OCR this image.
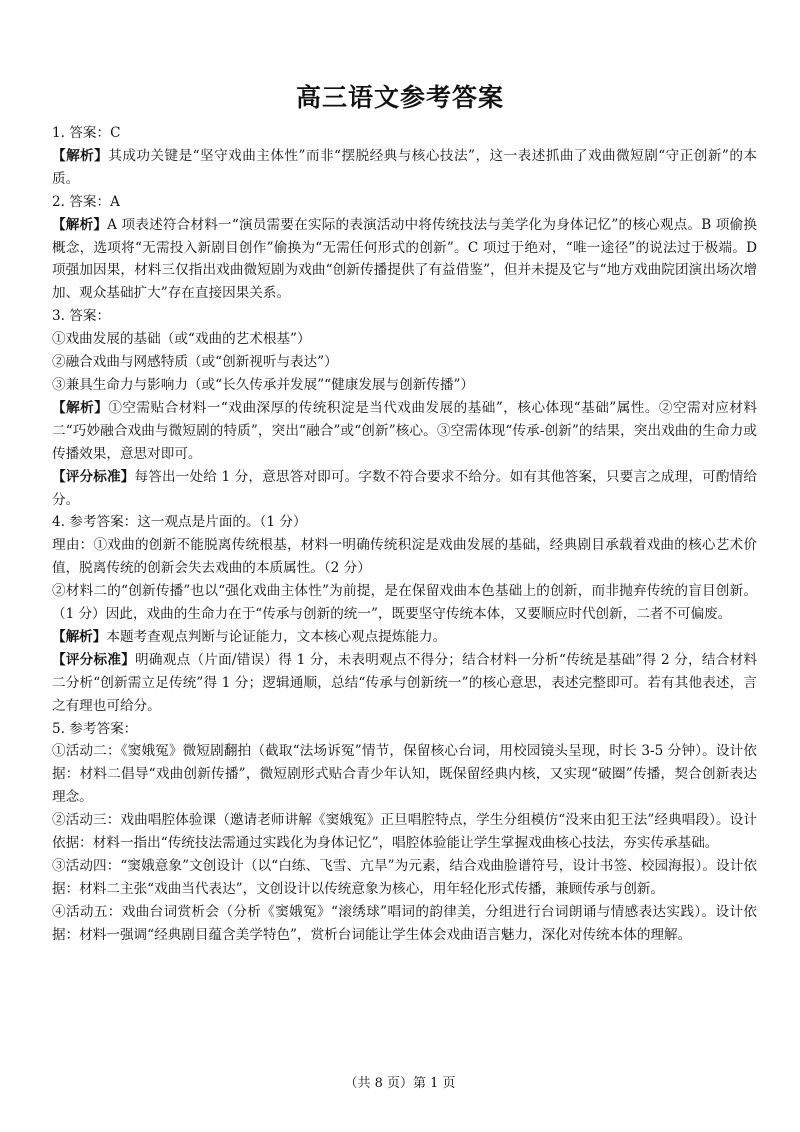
高三语文参考答案

1. 答案：C

【解析】其成功关键是“坚守戏曲主体性”而非“摆脱经典与核心技法”，这一表述抓曲了戏曲微短剧“守正创新”的本质。

2. 答案：A

【解析】A 项表述符合材料一“演员需要在实际的表演活动中将传统技法与美学化为身体记忆”的核心观点。B 项偷换概念，选项将“无需投入新剧目创作”偷换为“无需任何形式的创新”。C 项过于绝对，“唯一途径”的说法过于极端。D 项强加因果，材料三仅指出戏曲微短剧为戏曲“创新传播提供了有益借鉴”，但并未提及它与“地方戏曲院团演出场次增加、观众基础扩大”存在直接因果关系。

3. 答案：

①戏曲发展的基础（或“戏曲的艺术根基”）

②融合戏曲与网感特质（或“创新视听与表达”）

③兼具生命力与影响力（或“长久传承并发展”“健康发展与创新传播”）

【解析】①空需贴合材料一“戏曲深厚的传统积淀是当代戏曲发展的基础”，核心体现“基础”属性。②空需对应材料二“巧妙融合戏曲与微短剧的特质”，突出“融合”或“创新”核心。③空需体现“传承-创新”的结果，突出戏曲的生命力或传播效果，意思对即可。

【评分标准】每答出一处给 1 分，意思答对即可。字数不符合要求不给分。如有其他答案，只要言之成理，可酌情给分。

4. 参考答案：这一观点是片面的。（1 分）

理由：①戏曲的创新不能脱离传统根基，材料一明确传统积淀是戏曲发展的基础，经典剧目承载着戏曲的核心艺术价值，脱离传统的创新会失去戏曲的本质属性。（2 分）

②材料二的“创新传播”也以“强化戏曲主体性”为前提，是在保留戏曲本色基础上的创新，而非抛弃传统的盲目创新。（1 分）因此，戏曲的生命力在于“传承与创新的统一”，既要坚守传统本体，又要顺应时代创新，二者不可偏废。

【解析】本题考查观点判断与论证能力，文本核心观点提炼能力。

【评分标准】明确观点（片面/错误）得 1 分，未表明观点不得分；结合材料一分析“传统是基础”得 2 分，结合材料二分析“创新需立足传统”得 1 分；逻辑通顺，总结“传承与创新统一”的核心意思，表述完整即可。若有其他表述，言之有理也可给分。

5. 参考答案：

①活动二：《窦娥冤》微短剧翻拍（截取“法场诉冤”情节，保留核心台词，用校园镜头呈现，时长 3-5 分钟）。设计依据：材料二倡导“戏曲创新传播”，微短剧形式贴合青少年认知，既保留经典内核，又实现“破圈”传播，契合创新表达理念。

②活动三：戏曲唱腔体验课（邀请老师讲解《窦娥冤》正旦唱腔特点，学生分组模仿“没来由犯王法”经典唱段）。设计依据：材料一指出“传统技法需通过实践化为身体记忆”，唱腔体验能让学生掌握戏曲核心技法，夯实传承基础。

③活动四：“窦娥意象”文创设计（以“白练、飞雪、亢旱”为元素，结合戏曲脸谱符号，设计书签、校园海报）。设计依据：材料二主张“戏曲当代表达”，文创设计以传统意象为核心，用年轻化形式传播，兼顾传承与创新。

④活动五：戏曲台词赏析会（分析《窦娥冤》“滚绣球”唱词的韵律美，分组进行台词朗诵与情感表达实践）。设计依据：材料一强调“经典剧目蕴含美学特色”，赏析台词能让学生体会戏曲语言魅力，深化对传统本体的理解。

（共 8 页）第 1 页
